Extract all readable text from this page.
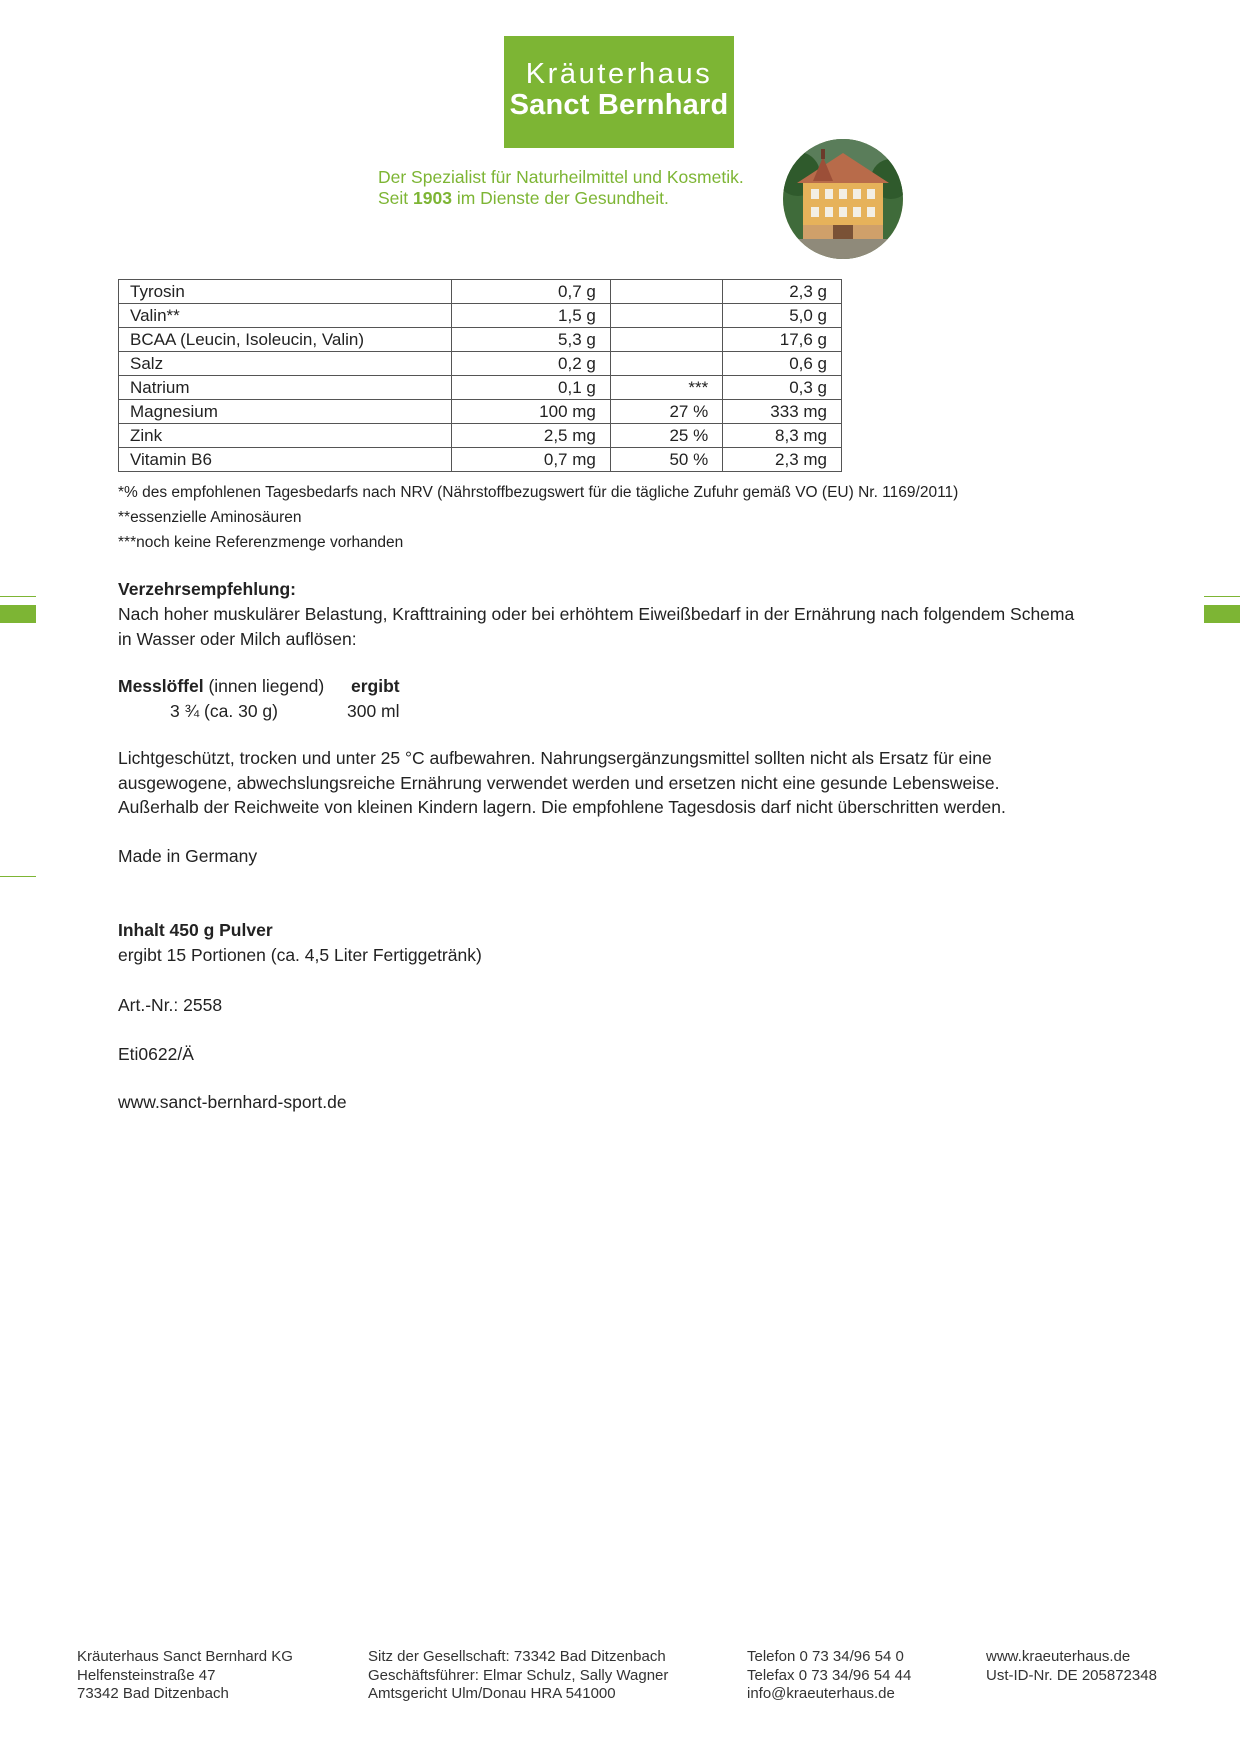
Kräuterhaus
Sanct Bernhard
Der Spezialist für Naturheilmittel und Kosmetik.
Seit 1903 im Dienste der Gesundheit.
Tyrosin	0,7 g		2,3 g
Valin**	1,5 g		5,0 g
BCAA (Leucin, Isoleucin, Valin)	5,3 g		17,6 g
Salz	0,2 g		0,6 g
Natrium	0,1 g	***	0,3 g
Magnesium	100 mg	27 %	333 mg
Zink	2,5 mg	25 %	8,3 mg
Vitamin B6	0,7 mg	50 %	2,3 mg
*% des empfohlenen Tagesbedarfs nach NRV (Nährstoffbezugswert für die tägliche Zufuhr gemäß VO (EU) Nr. 1169/2011)
**essenzielle Aminosäuren
***noch keine Referenzmenge vorhanden
Verzehrsempfehlung:
Nach hoher muskulärer Belastung, Krafttraining oder bei erhöhtem Eiweißbedarf in der Ernährung nach folgendem Schema
in Wasser oder Milch auflösen:
Messlöffel (innen liegend) ergibt
3 ¾ (ca. 30 g)	300 ml
Lichtgeschützt, trocken und unter 25 °C aufbewahren. Nahrungsergänzungsmittel sollten nicht als Ersatz für eine
ausgewogene, abwechslungsreiche Ernährung verwendet werden und ersetzen nicht eine gesunde Lebensweise.
Außerhalb der Reichweite von kleinen Kindern lagern. Die empfohlene Tagesdosis darf nicht überschritten werden.
Made in Germany
Inhalt 450 g Pulver
ergibt 15 Portionen (ca. 4,5 Liter Fertiggetränk)
Art.-Nr.: 2558
Eti0622/Ä
www.sanct-bernhard-sport.de
Kräuterhaus Sanct Bernhard KG
Helfensteinstraße 47
73342 Bad Ditzenbach
Sitz der Gesellschaft: 73342 Bad Ditzenbach
Geschäftsführer: Elmar Schulz, Sally Wagner
Amtsgericht Ulm/Donau HRA 541000
Telefon 0 73 34/96 54 0
Telefax 0 73 34/96 54 44
info@kraeuterhaus.de
www.kraeuterhaus.de
Ust-ID-Nr. DE 205872348
